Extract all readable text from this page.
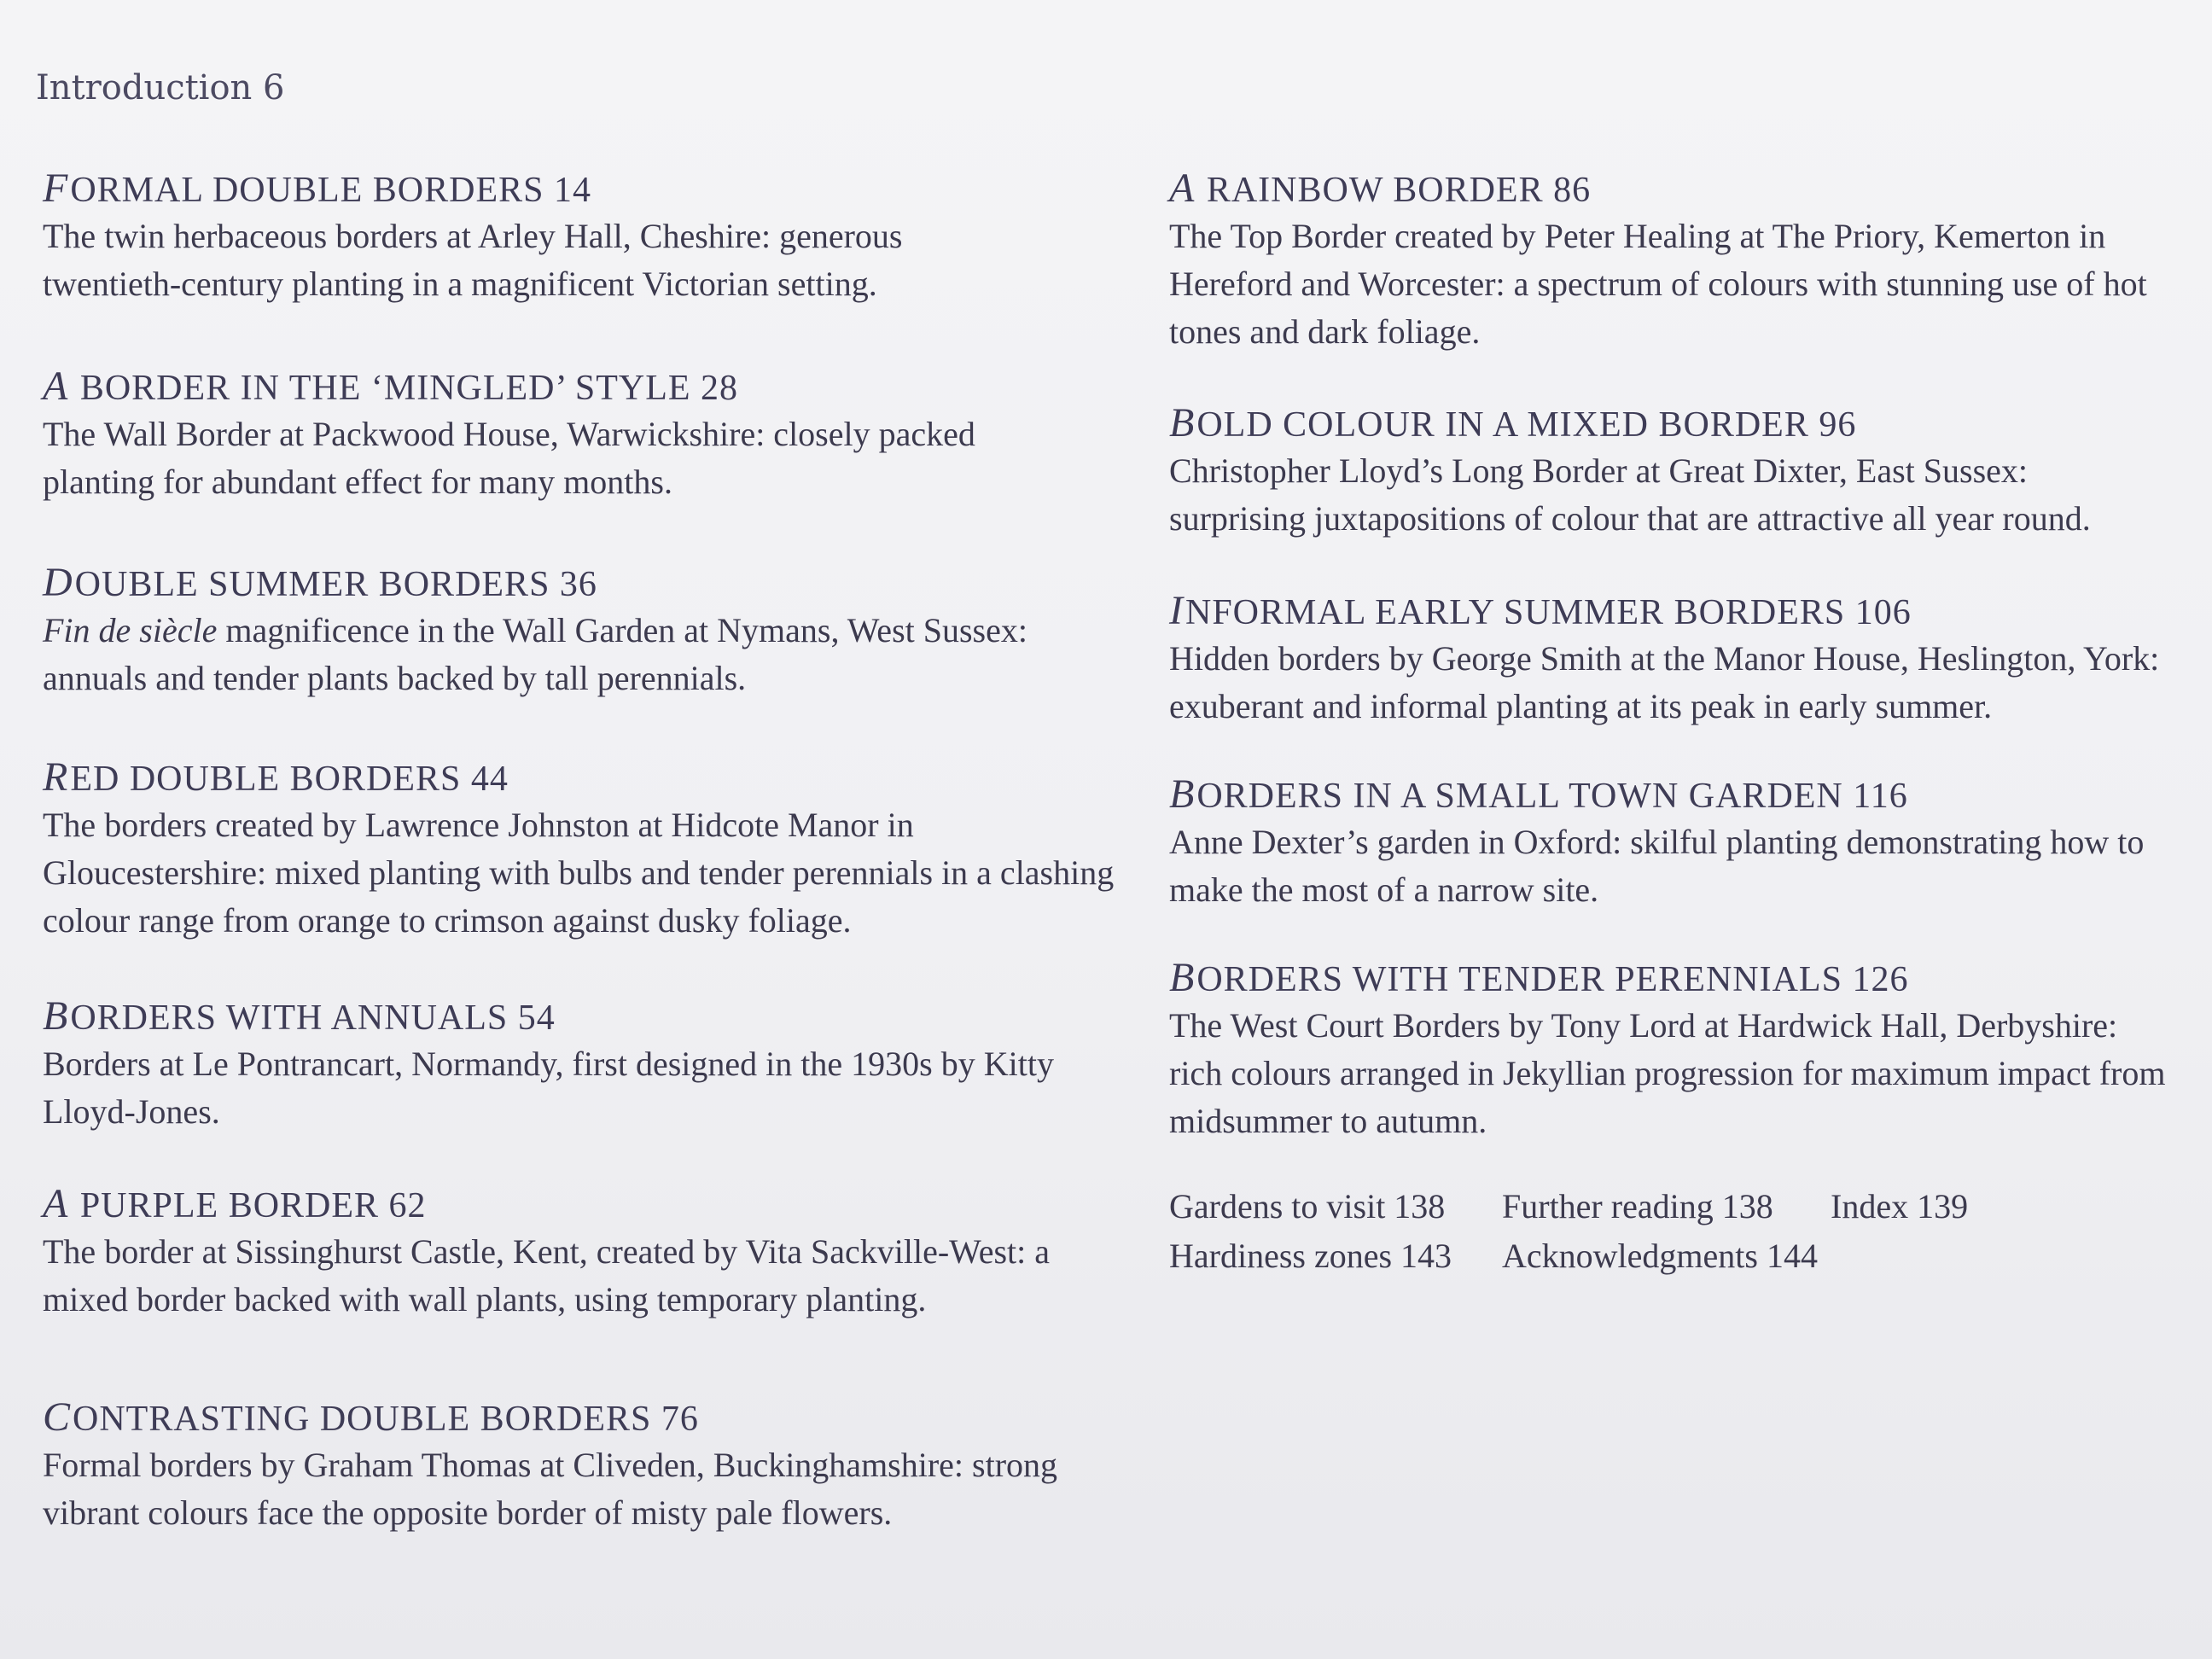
Introduction 6
FORMAL DOUBLE BORDERS 14
The twin herbaceous borders at Arley Hall, Cheshire: generous twentieth-century planting in a magnificent Victorian setting.
A BORDER IN THE ‘MINGLED’ STYLE 28
The Wall Border at Packwood House, Warwickshire: closely packed planting for abundant effect for many months.
DOUBLE SUMMER BORDERS 36
Fin de siècle magnificence in the Wall Garden at Nymans, West Sussex: annuals and tender plants backed by tall perennials.
RED DOUBLE BORDERS 44
The borders created by Lawrence Johnston at Hidcote Manor in Gloucestershire: mixed planting with bulbs and tender perennials in a clashing colour range from orange to crimson against dusky foliage.
BORDERS WITH ANNUALS 54
Borders at Le Pontrancart, Normandy, first designed in the 1930s by Kitty Lloyd-Jones.
A PURPLE BORDER 62
The border at Sissinghurst Castle, Kent, created by Vita Sackville-West: a mixed border backed with wall plants, using temporary planting.
CONTRASTING DOUBLE BORDERS 76
Formal borders by Graham Thomas at Cliveden, Buckinghamshire: strong vibrant colours face the opposite border of misty pale flowers.
A RAINBOW BORDER 86
The Top Border created by Peter Healing at The Priory, Kemerton in Hereford and Worcester: a spectrum of colours with stunning use of hot tones and dark foliage.
BOLD COLOUR IN A MIXED BORDER 96
Christopher Lloyd’s Long Border at Great Dixter, East Sussex: surprising juxtapositions of colour that are attractive all year round.
INFORMAL EARLY SUMMER BORDERS 106
Hidden borders by George Smith at the Manor House, Heslington, York: exuberant and informal planting at its peak in early summer.
BORDERS IN A SMALL TOWN GARDEN 116
Anne Dexter’s garden in Oxford: skilful planting demonstrating how to make the most of a narrow site.
BORDERS WITH TENDER PERENNIALS 126
The West Court Borders by Tony Lord at Hardwick Hall, Derbyshire: rich colours arranged in Jekyllian progression for maximum impact from midsummer to autumn.
Gardens to visit 138 Further reading 138 Index 139
Hardiness zones 143 Acknowledgments 144
